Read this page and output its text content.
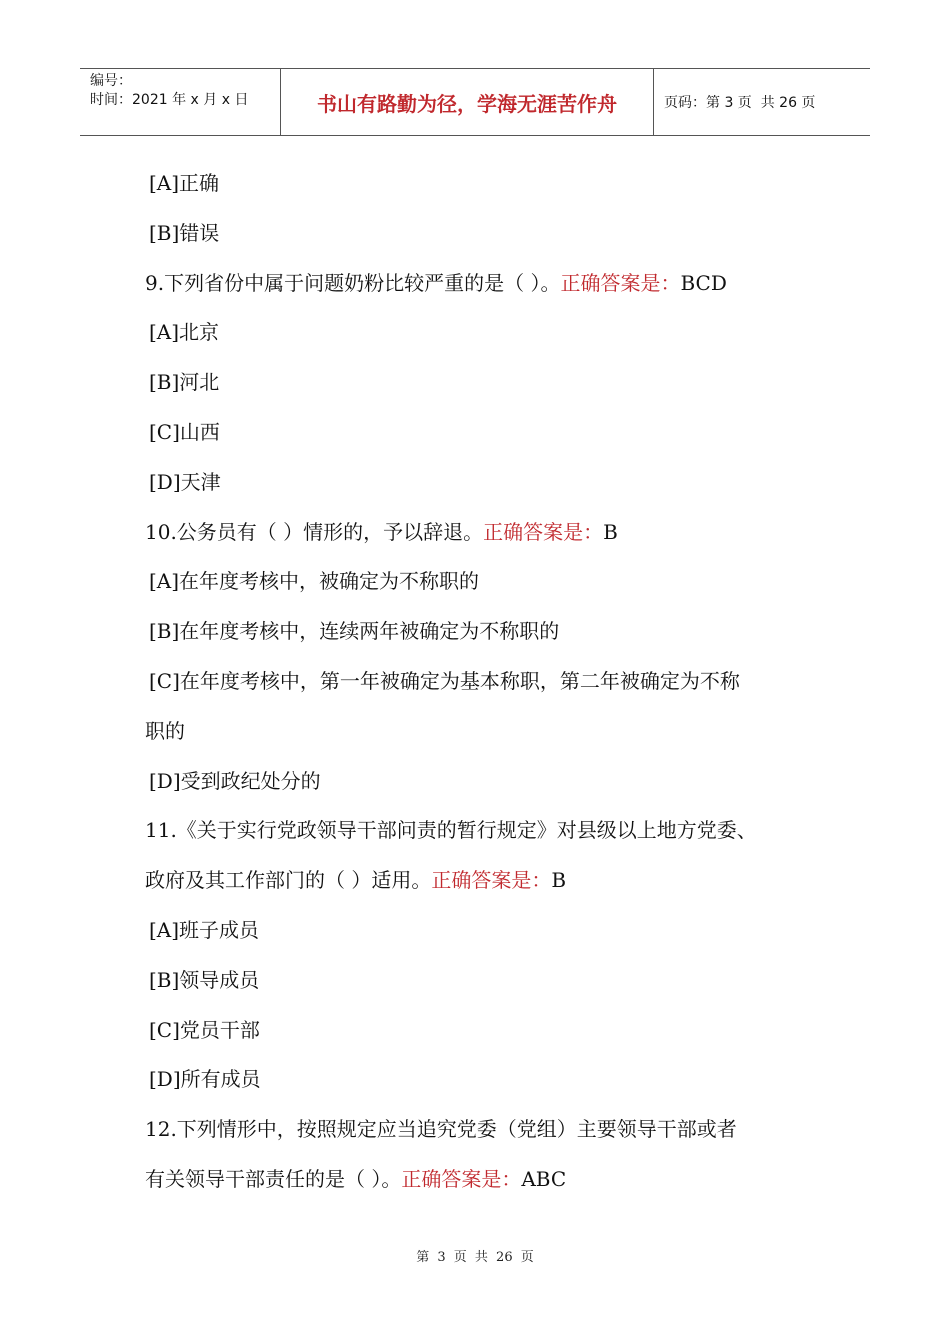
编号：
时间：2021 年 x 月 x 日	书山有路勤为径，学海无涯苦作舟	页码：第 3 页  共 26 页
[A]正确
[B]错误
9.下列省份中属于问题奶粉比较严重的是（ ）。正确答案是：BCD
[A]北京
[B]河北
[C]山西
[D]天津
10.公务员有（ ）情形的，予以辞退。正确答案是：B
[A]在年度考核中，被确定为不称职的
[B]在年度考核中，连续两年被确定为不称职的
[C]在年度考核中，第一年被确定为基本称职，第二年被确定为不称
职的
[D]受到政纪处分的
11.《关于实行党政领导干部问责的暂行规定》对县级以上地方党委、
政府及其工作部门的（ ）适用。正确答案是：B
[A]班子成员
[B]领导成员
[C]党员干部
[D]所有成员
12.下列情形中，按照规定应当追究党委（党组）主要领导干部或者
有关领导干部责任的是（ ）。正确答案是：ABC
第 3 页 共 26 页
